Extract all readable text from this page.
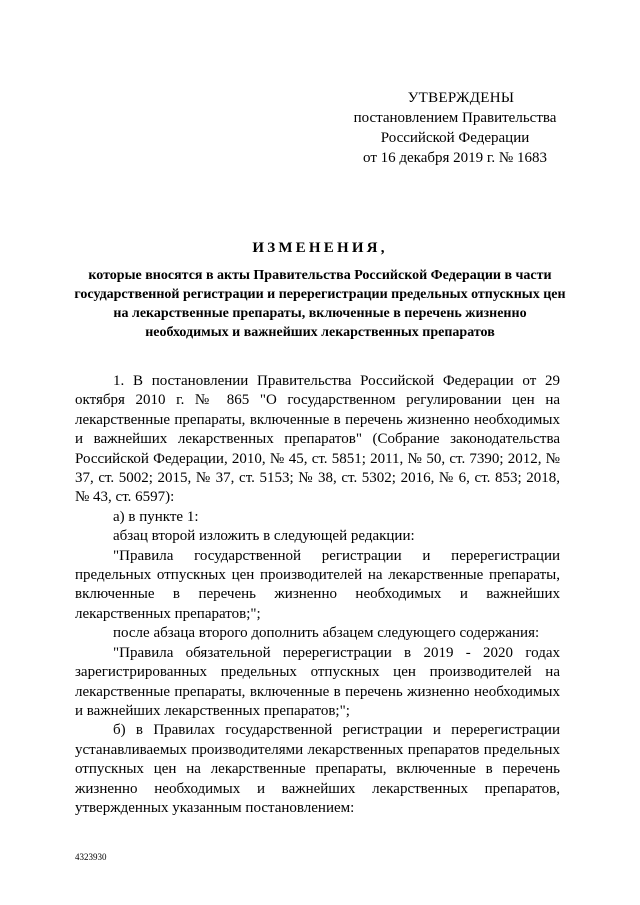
УТВЕРЖДЕНЫ
постановлением Правительства
Российской Федерации
от 16 декабря 2019 г. № 1683
ИЗМЕНЕНИЯ,
которые вносятся в акты Правительства Российской Федерации в части государственной регистрации и перерегистрации предельных отпускных цен на лекарственные препараты, включенные в перечень жизненно необходимых и важнейших лекарственных препаратов

1. В постановлении Правительства Российской Федерации от 29 октября 2010 г. № 865 "О государственном регулировании цен на лекарственные препараты, включенные в перечень жизненно необходимых и важнейших лекарственных препаратов" (Собрание законодательства Российской Федерации, 2010, № 45, ст. 5851; 2011, № 50, ст. 7390; 2012, № 37, ст. 5002; 2015, № 37, ст. 5153; № 38, ст. 5302; 2016, № 6, ст. 853; 2018, № 43, ст. 6597):

а) в пункте 1:

абзац второй изложить в следующей редакции:

"Правила государственной регистрации и перерегистрации предельных отпускных цен производителей на лекарственные препараты, включенные в перечень жизненно необходимых и важнейших лекарственных препаратов;";

после абзаца второго дополнить абзацем следующего содержания:

"Правила обязательной перерегистрации в 2019 - 2020 годах зарегистрированных предельных отпускных цен производителей на лекарственные препараты, включенные в перечень жизненно необходимых и важнейших лекарственных препаратов;";

б) в Правилах государственной регистрации и перерегистрации устанавливаемых производителями лекарственных препаратов предельных отпускных цен на лекарственные препараты, включенные в перечень жизненно необходимых и важнейших лекарственных препаратов, утвержденных указанным постановлением:

4323930
